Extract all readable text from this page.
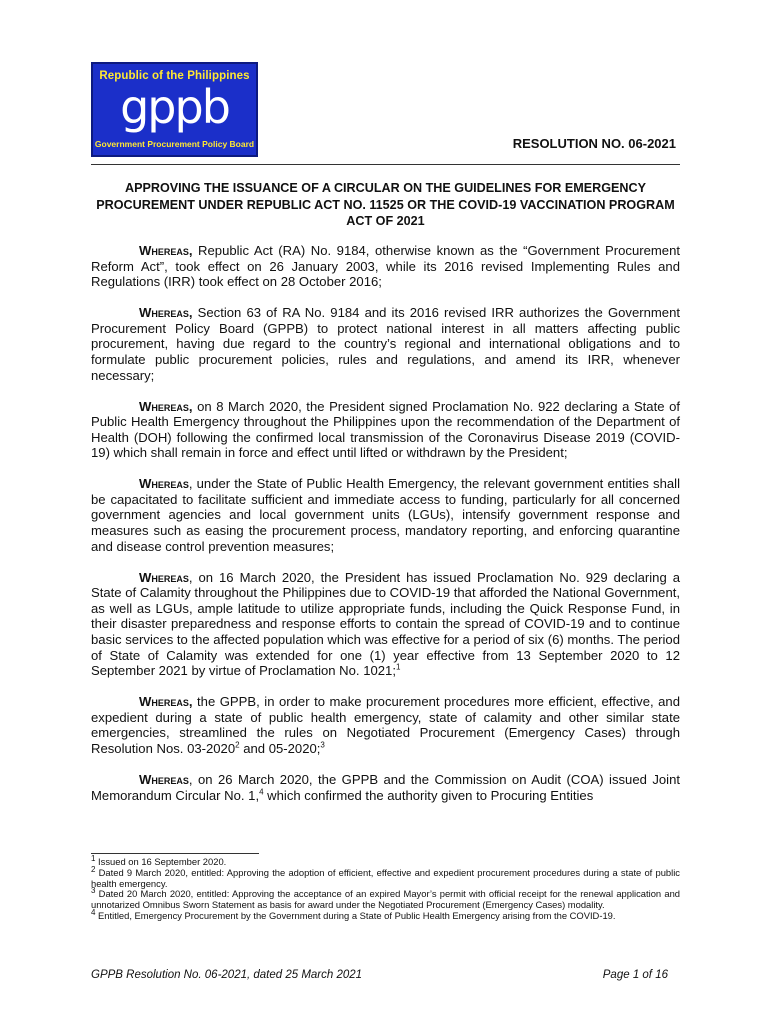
Republic of the Philippines
gppb
Government Procurement Policy Board	RESOLUTION NO. 06-2021
APPROVING THE ISSUANCE OF A CIRCULAR ON THE GUIDELINES FOR EMERGENCY PROCUREMENT UNDER REPUBLIC ACT NO. 11525 OR THE COVID-19 VACCINATION PROGRAM ACT OF 2021

Whereas, Republic Act (RA) No. 9184, otherwise known as the “Government Procurement Reform Act”, took effect on 26 January 2003, while its 2016 revised Implementing Rules and Regulations (IRR) took effect on 28 October 2016;

Whereas, Section 63 of RA No. 9184 and its 2016 revised IRR authorizes the Government Procurement Policy Board (GPPB) to protect national interest in all matters affecting public procurement, having due regard to the country’s regional and international obligations and to formulate public procurement policies, rules and regulations, and amend its IRR, whenever necessary;

Whereas, on 8 March 2020, the President signed Proclamation No. 922 declaring a State of Public Health Emergency throughout the Philippines upon the recommendation of the Department of Health (DOH) following the confirmed local transmission of the Coronavirus Disease 2019 (COVID-19) which shall remain in force and effect until lifted or withdrawn by the President;

Whereas, under the State of Public Health Emergency, the relevant government entities shall be capacitated to facilitate sufficient and immediate access to funding, particularly for all concerned government agencies and local government units (LGUs), intensify government response and measures such as easing the procurement process, mandatory reporting, and enforcing quarantine and disease control prevention measures;

Whereas, on 16 March 2020, the President has issued Proclamation No. 929 declaring a State of Calamity throughout the Philippines due to COVID-19 that afforded the National Government, as well as LGUs, ample latitude to utilize appropriate funds, including the Quick Response Fund, in their disaster preparedness and response efforts to contain the spread of COVID-19 and to continue basic services to the affected population which was effective for a period of six (6) months. The period of State of Calamity was extended for one (1) year effective from 13 September 2020 to 12 September 2021 by virtue of Proclamation No. 1021;$^1$

Whereas, the GPPB, in order to make procurement procedures more efficient, effective, and expedient during a state of public health emergency, state of calamity and other similar state emergencies, streamlined the rules on Negotiated Procurement (Emergency Cases) through Resolution Nos. 03-2020$^2$ and 05-2020;$^3$

Whereas, on 26 March 2020, the GPPB and the Commission on Audit (COA) issued Joint Memorandum Circular No. 1,$^4$ which confirmed the authority given to Procuring Entities

$^1$ Issued on 16 September 2020.

$^2$ Dated 9 March 2020, entitled: Approving the adoption of efficient, effective and expedient procurement procedures during a state of public health emergency.

$^3$ Dated 20 March 2020, entitled: Approving the acceptance of an expired Mayor’s permit with official receipt for the renewal application and unnotarized Omnibus Sworn Statement as basis for award under the Negotiated Procurement (Emergency Cases) modality.

$^4$ Entitled, Emergency Procurement by the Government during a State of Public Health Emergency arising from the COVID-19.

GPPB Resolution No. 06-2021, dated 25 March 2021	Page 1 of 16
